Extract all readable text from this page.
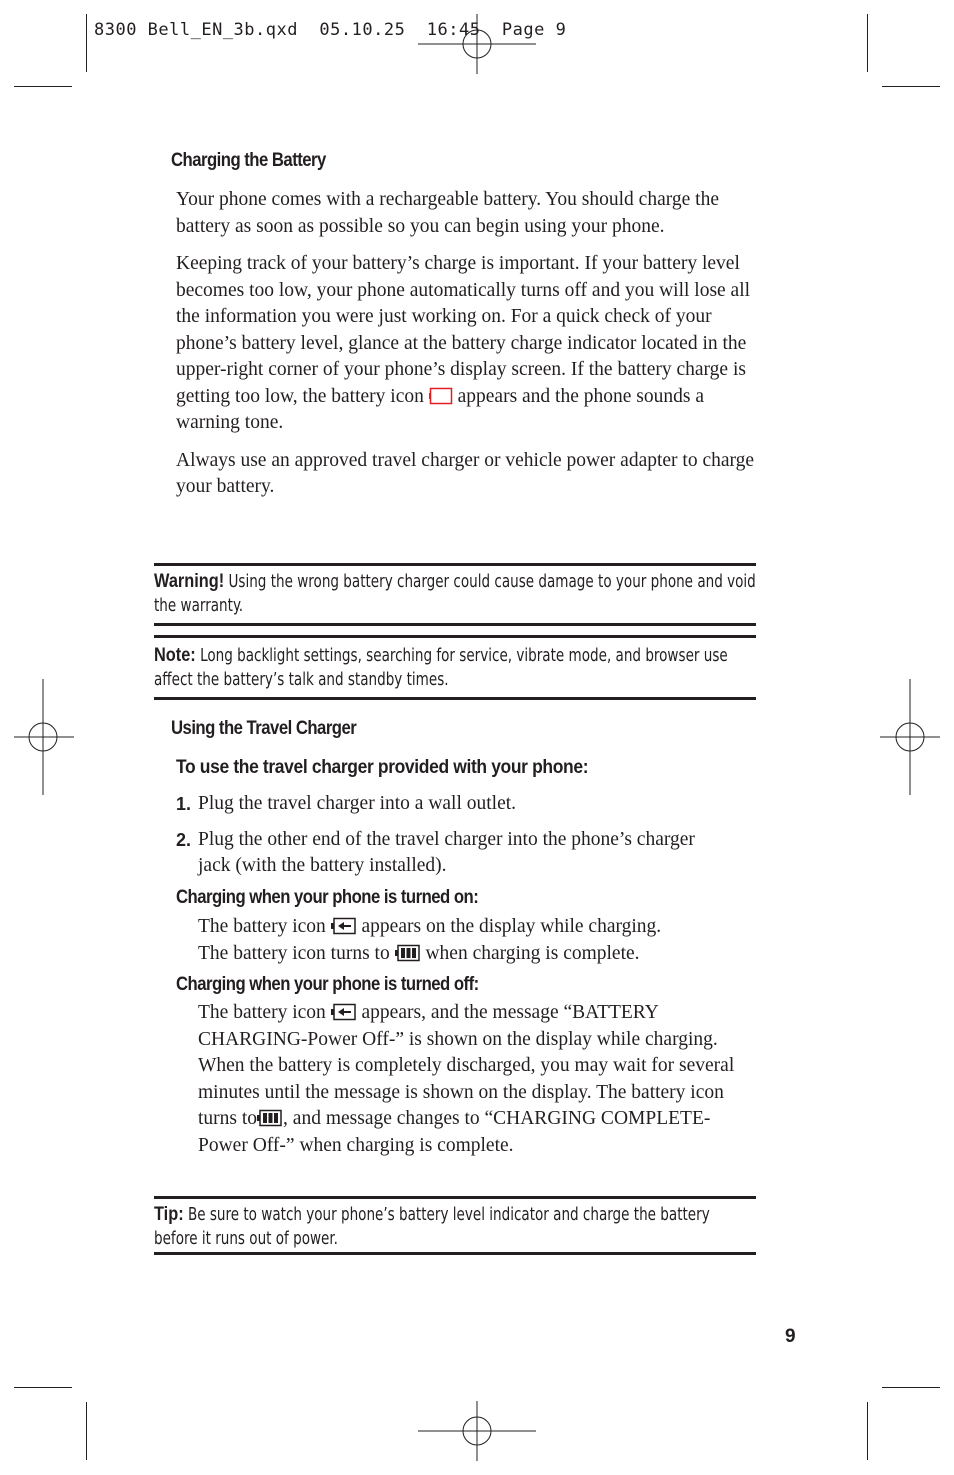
8300 Bell_EN_3b.qxd  05.10.25  16:45  Page 9
Charging the Battery

Your phone comes with a rechargeable battery. You should charge the battery as soon as possible so you can begin using your phone.

Keeping track of your battery’s charge is important. If your battery level becomes too low, your phone automatically turns off and you will lose all the information you were just working on. For a quick check of your phone’s battery level, glance at the battery charge indicator located in the upper-right corner of your phone’s display screen. If the battery charge is getting too low, the battery icon appears and the phone sounds a warning tone.

Always use an approved travel charger or vehicle power adapter to charge your battery.

Warning! Using the wrong battery charger could cause damage to your phone and void the warranty.
Note: Long backlight settings, searching for service, vibrate mode, and browser use affect the battery’s talk and standby times.
Using the Travel Charger
To use the travel charger provided with your phone:
1. Plug the travel charger into a wall outlet.
2. Plug the other end of the travel charger into the phone’s charger jack (with the battery installed).
Charging when your phone is turned on:
The battery icon appears on the display while charging.
The battery icon turns to when charging is complete.
Charging when your phone is turned off:
The battery icon appears, and the message “BATTERY CHARGING-Power Off-” is shown on the display while charging. When the battery is completely discharged, you may wait for several minutes until the message is shown on the display. The battery icon turns to , and message changes to “CHARGING COMPLETE-Power Off-” when charging is complete.
Tip: Be sure to watch your phone’s battery level indicator and charge the battery before it runs out of power.
9
